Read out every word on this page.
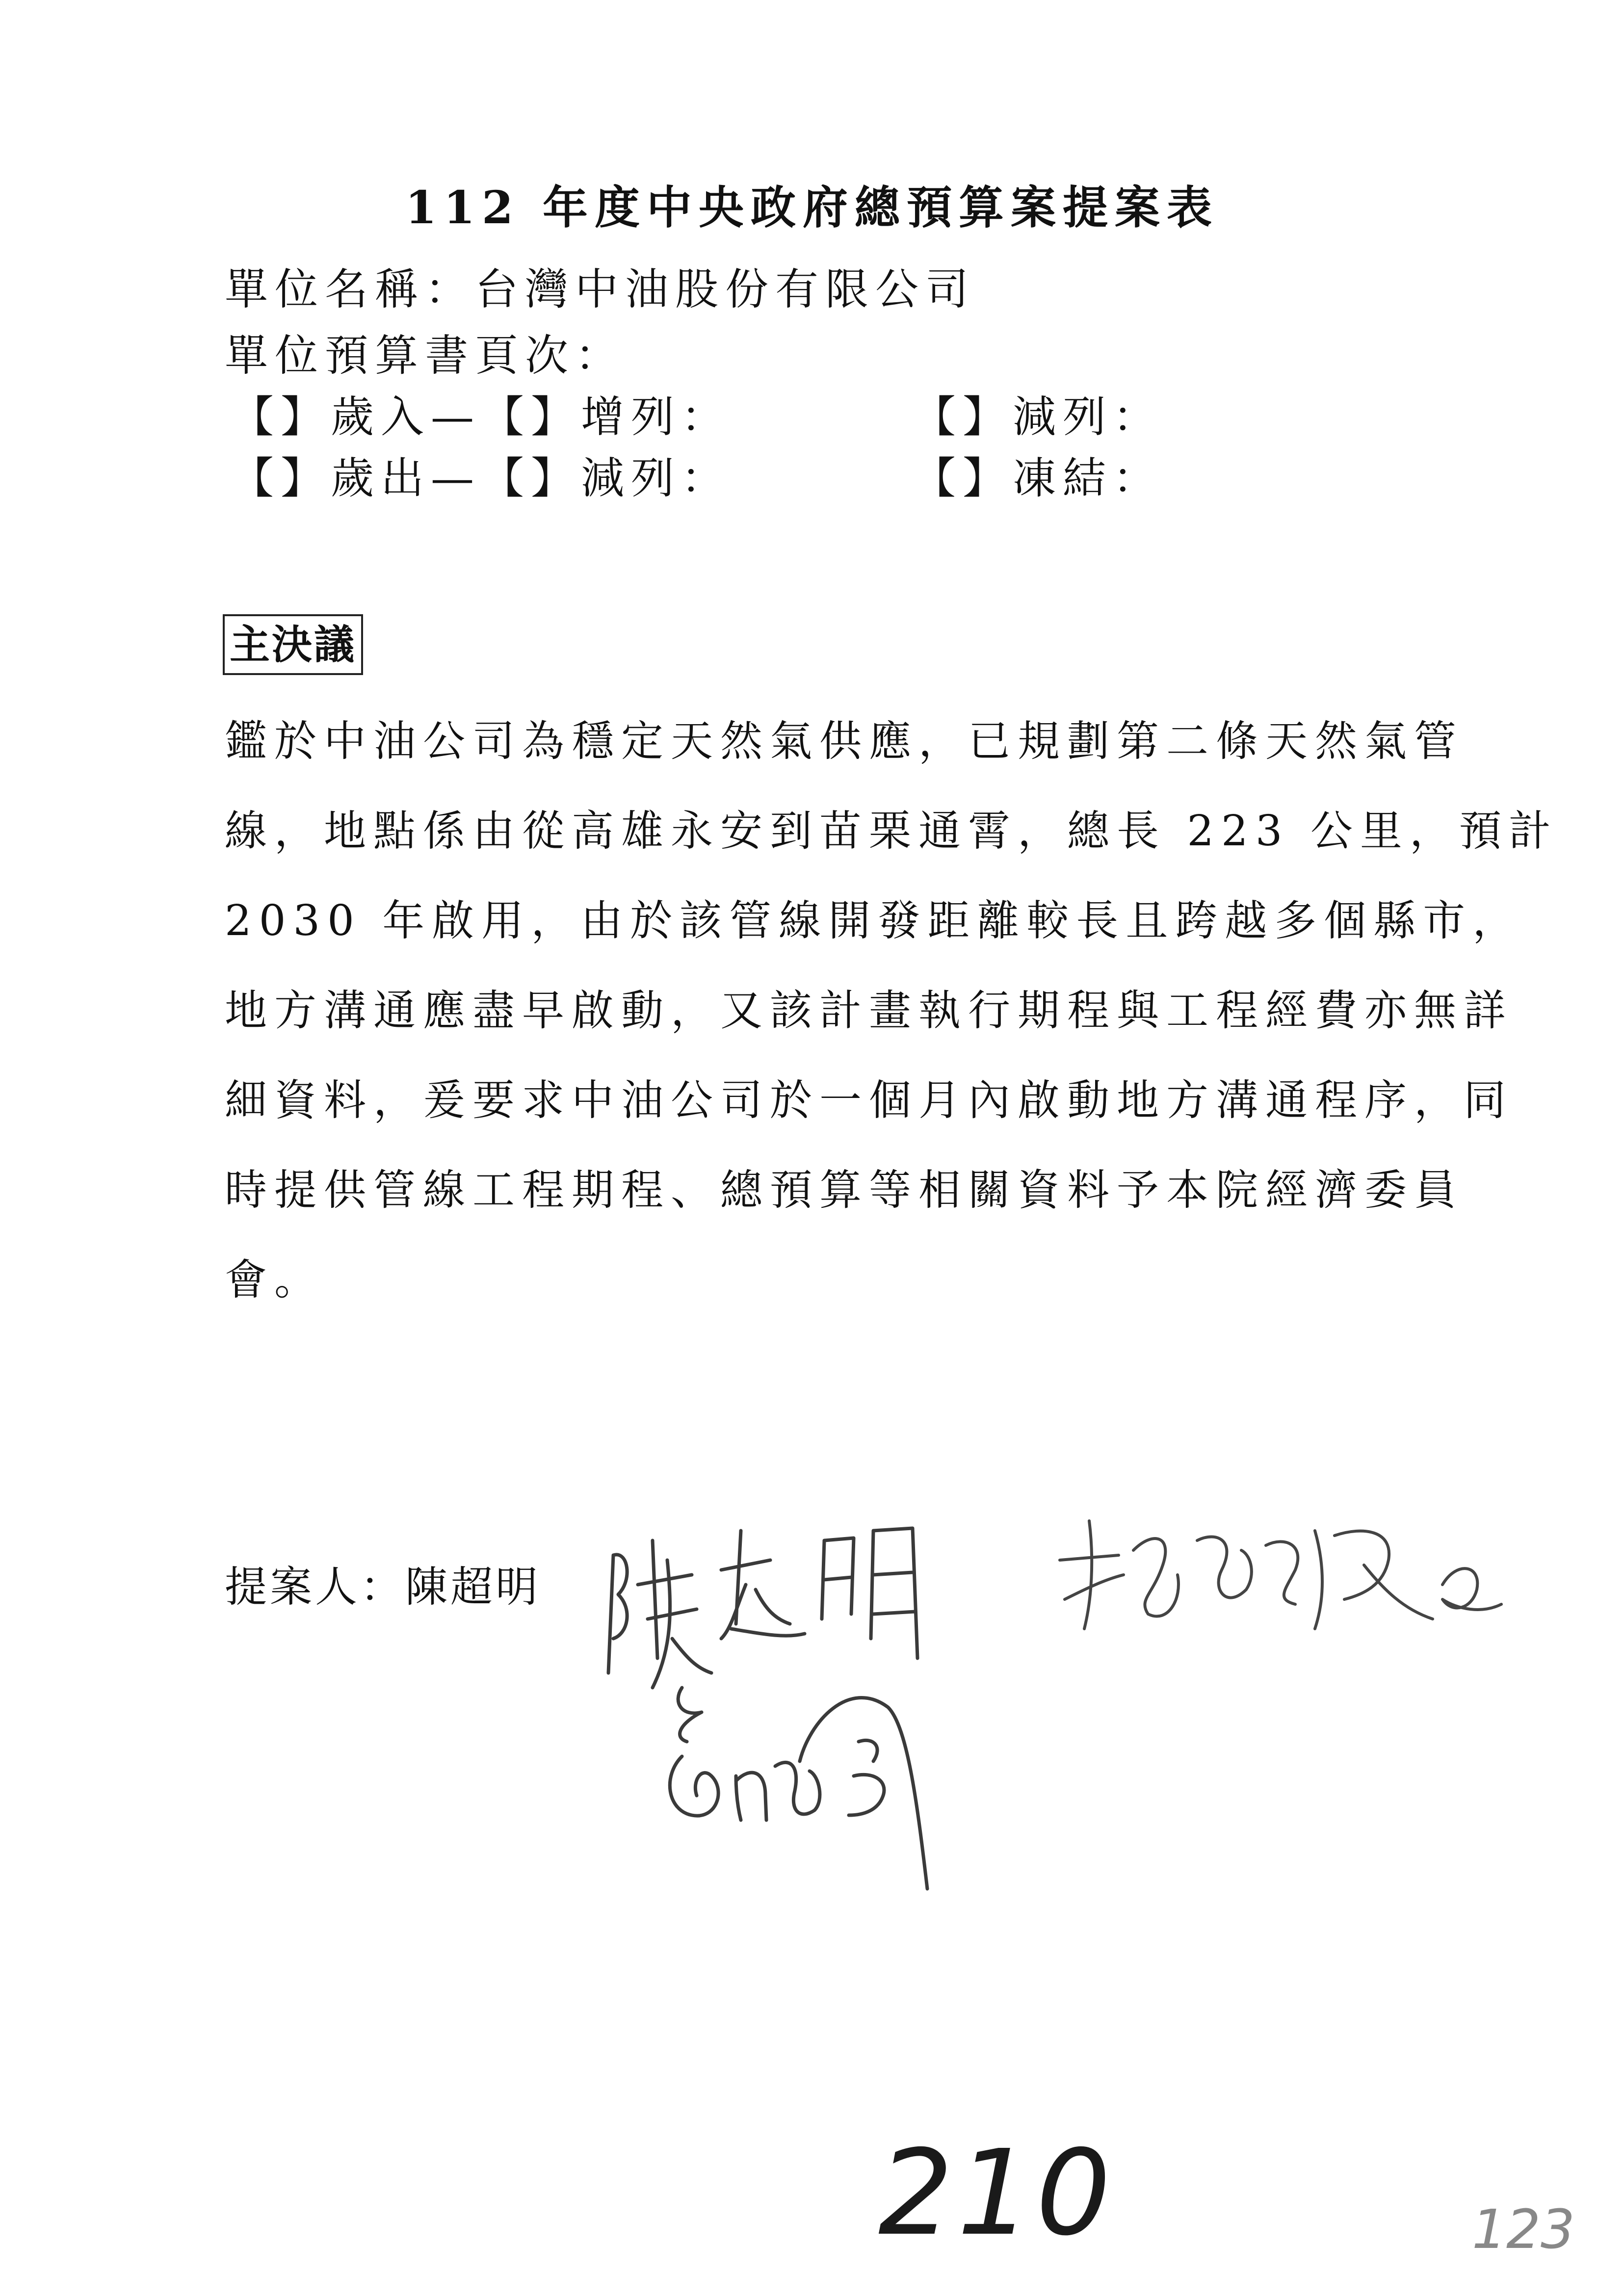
112 年度中央政府總預算案提案表
單位名稱：台灣中油股份有限公司
單位預算書頁次：
【】歲入—【】增列：	【】減列：
【】歲出—【】減列：	【】凍結：
主決議

鑑於中油公司為穩定天然氣供應，已規劃第二條天然氣管

線，地點係由從高雄永安到苗栗通霄，總長 223 公里，預計

2030 年啟用，由於該管線開發距離較長且跨越多個縣市，

地方溝通應盡早啟動，又該計畫執行期程與工程經費亦無詳

細資料，爰要求中油公司於一個月內啟動地方溝通程序，同

時提供管線工程期程、總預算等相關資料予本院經濟委員

會。

提案人：陳超明
210	123
